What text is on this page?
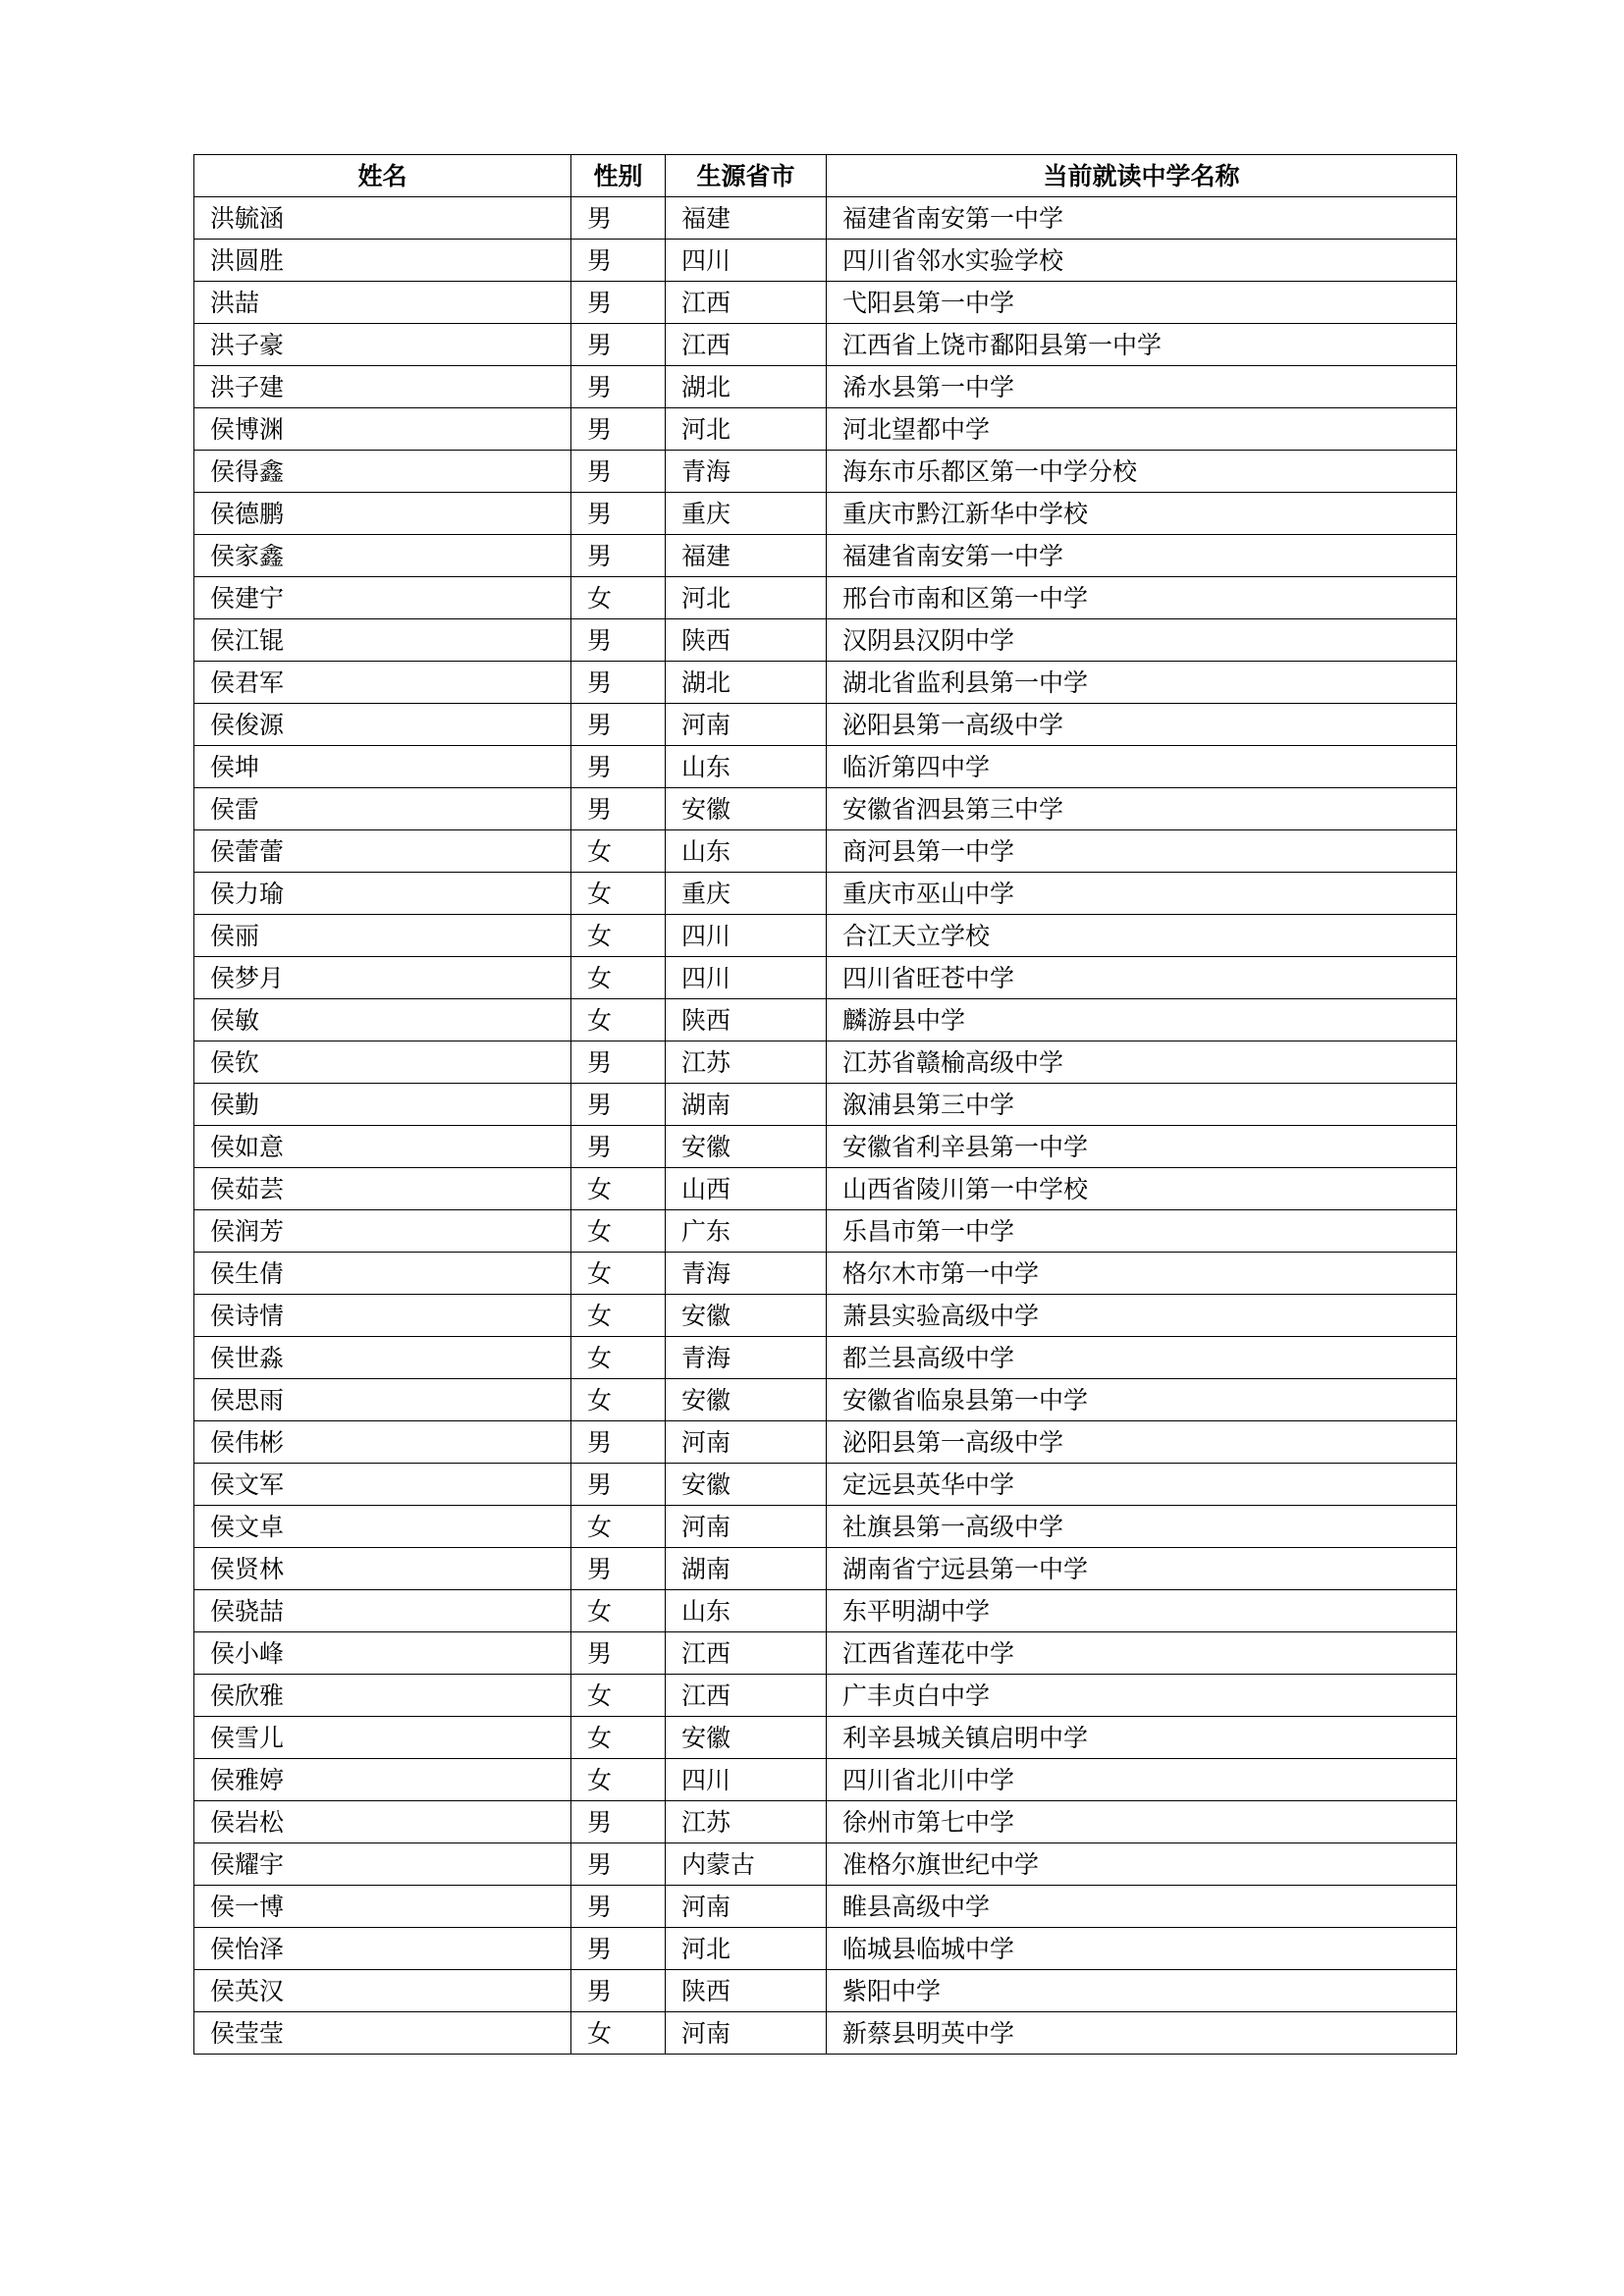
姓名	性别	生源省市	当前就读中学名称
洪毓涵	男	福建	福建省南安第一中学
洪圆胜	男	四川	四川省邻水实验学校
洪喆	男	江西	弋阳县第一中学
洪子豪	男	江西	江西省上饶市鄱阳县第一中学
洪子建	男	湖北	浠水县第一中学
侯博渊	男	河北	河北望都中学
侯得鑫	男	青海	海东市乐都区第一中学分校
侯德鹏	男	重庆	重庆市黔江新华中学校
侯家鑫	男	福建	福建省南安第一中学
侯建宁	女	河北	邢台市南和区第一中学
侯江锟	男	陕西	汉阴县汉阴中学
侯君军	男	湖北	湖北省监利县第一中学
侯俊源	男	河南	泌阳县第一高级中学
侯坤	男	山东	临沂第四中学
侯雷	男	安徽	安徽省泗县第三中学
侯蕾蕾	女	山东	商河县第一中学
侯力瑜	女	重庆	重庆市巫山中学
侯丽	女	四川	合江天立学校
侯梦月	女	四川	四川省旺苍中学
侯敏	女	陕西	麟游县中学
侯钦	男	江苏	江苏省赣榆高级中学
侯勤	男	湖南	溆浦县第三中学
侯如意	男	安徽	安徽省利辛县第一中学
侯茹芸	女	山西	山西省陵川第一中学校
侯润芳	女	广东	乐昌市第一中学
侯生倩	女	青海	格尔木市第一中学
侯诗情	女	安徽	萧县实验高级中学
侯世淼	女	青海	都兰县高级中学
侯思雨	女	安徽	安徽省临泉县第一中学
侯伟彬	男	河南	泌阳县第一高级中学
侯文军	男	安徽	定远县英华中学
侯文卓	女	河南	社旗县第一高级中学
侯贤林	男	湖南	湖南省宁远县第一中学
侯骁喆	女	山东	东平明湖中学
侯小峰	男	江西	江西省莲花中学
侯欣雅	女	江西	广丰贞白中学
侯雪儿	女	安徽	利辛县城关镇启明中学
侯雅婷	女	四川	四川省北川中学
侯岩松	男	江苏	徐州市第七中学
侯耀宇	男	内蒙古	准格尔旗世纪中学
侯一博	男	河南	睢县高级中学
侯怡泽	男	河北	临城县临城中学
侯英汉	男	陕西	紫阳中学
侯莹莹	女	河南	新蔡县明英中学
